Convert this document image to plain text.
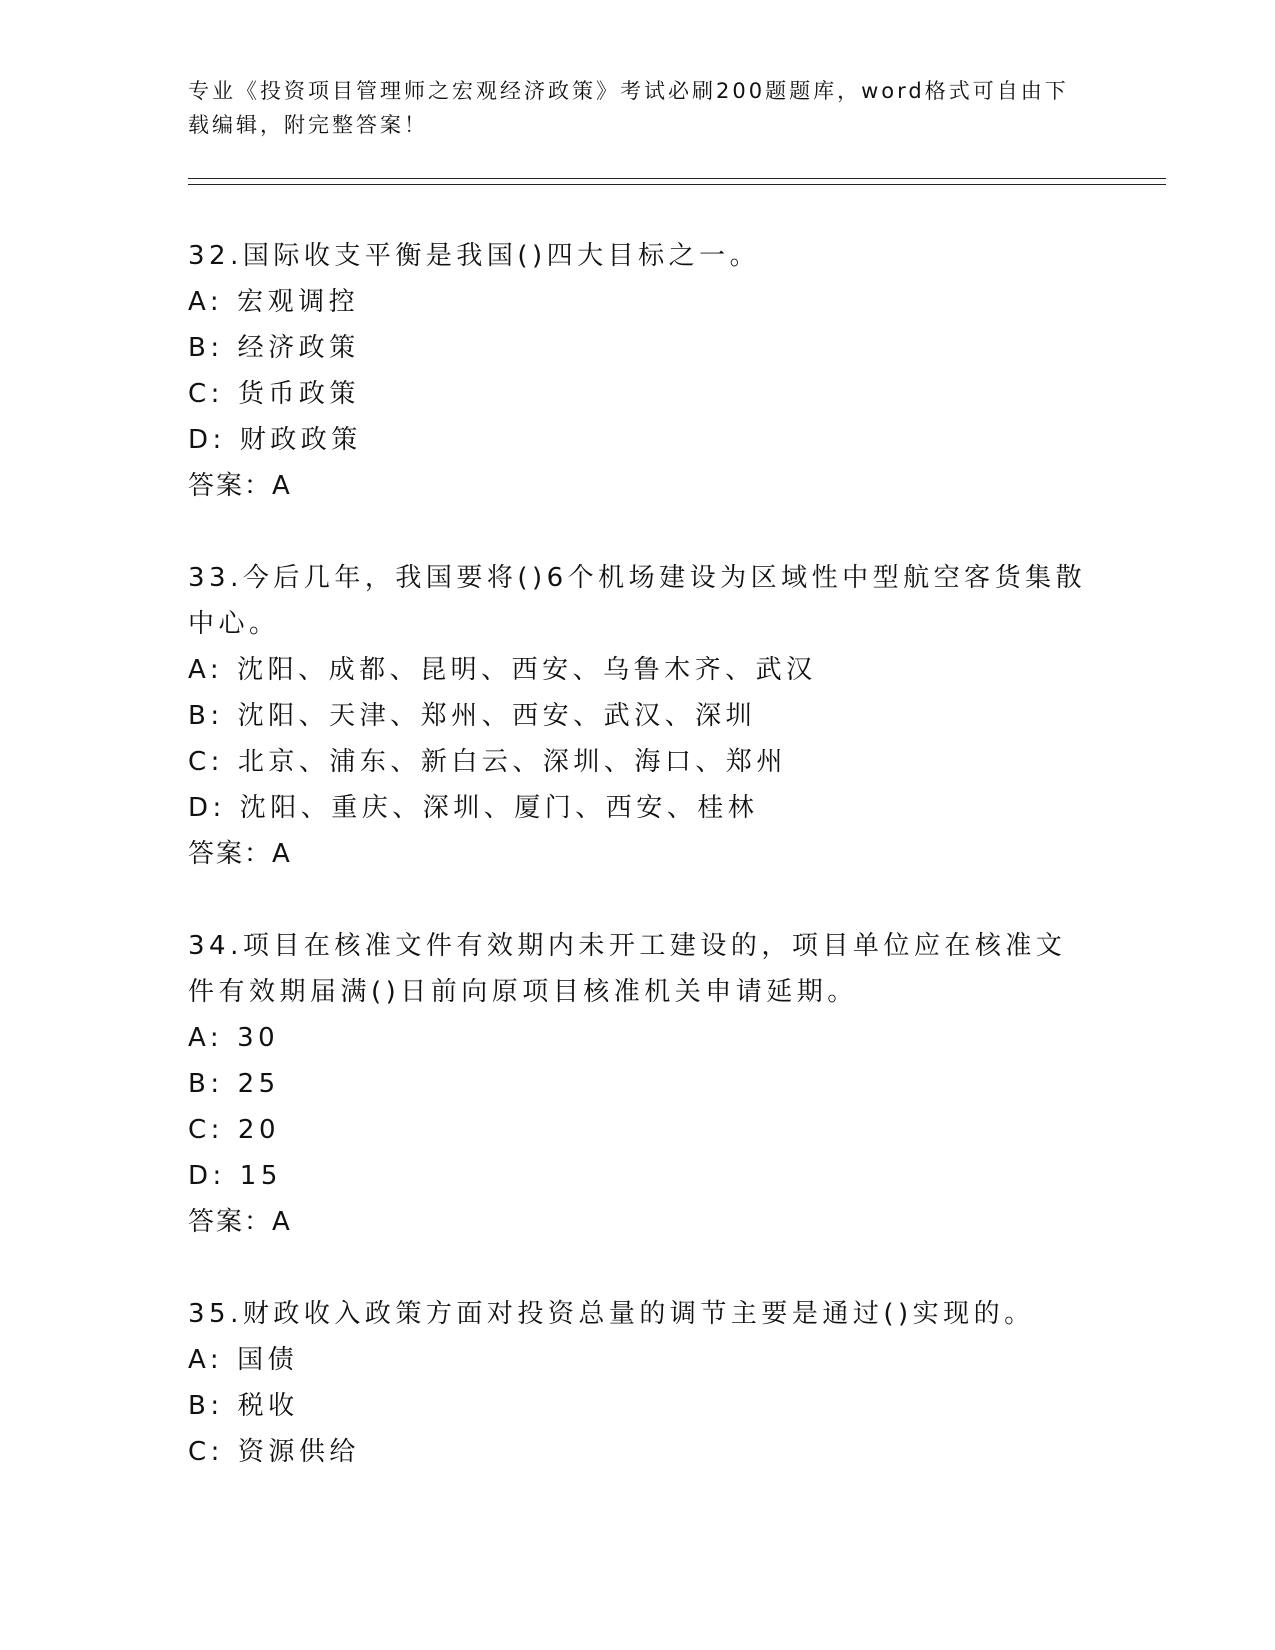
专业《投资项目管理师之宏观经济政策》考试必刷200题题库，word格式可自由下载编辑，附完整答案！
32.国际收支平衡是我国()四大目标之一。
A: 宏观调控
B: 经济政策
C: 货币政策
D: 财政政策
答案：A
33.今后几年，我国要将()6个机场建设为区域性中型航空客货集散中心。
A: 沈阳、成都、昆明、西安、乌鲁木齐、武汉
B: 沈阳、天津、郑州、西安、武汉、深圳
C: 北京、浦东、新白云、深圳、海口、郑州
D: 沈阳、重庆、深圳、厦门、西安、桂林
答案：A
34.项目在核准文件有效期内未开工建设的，项目单位应在核准文件有效期届满()日前向原项目核准机关申请延期。
A: 30
B: 25
C: 20
D: 15
答案：A
35.财政收入政策方面对投资总量的调节主要是通过()实现的。
A: 国债
B: 税收
C: 资源供给
